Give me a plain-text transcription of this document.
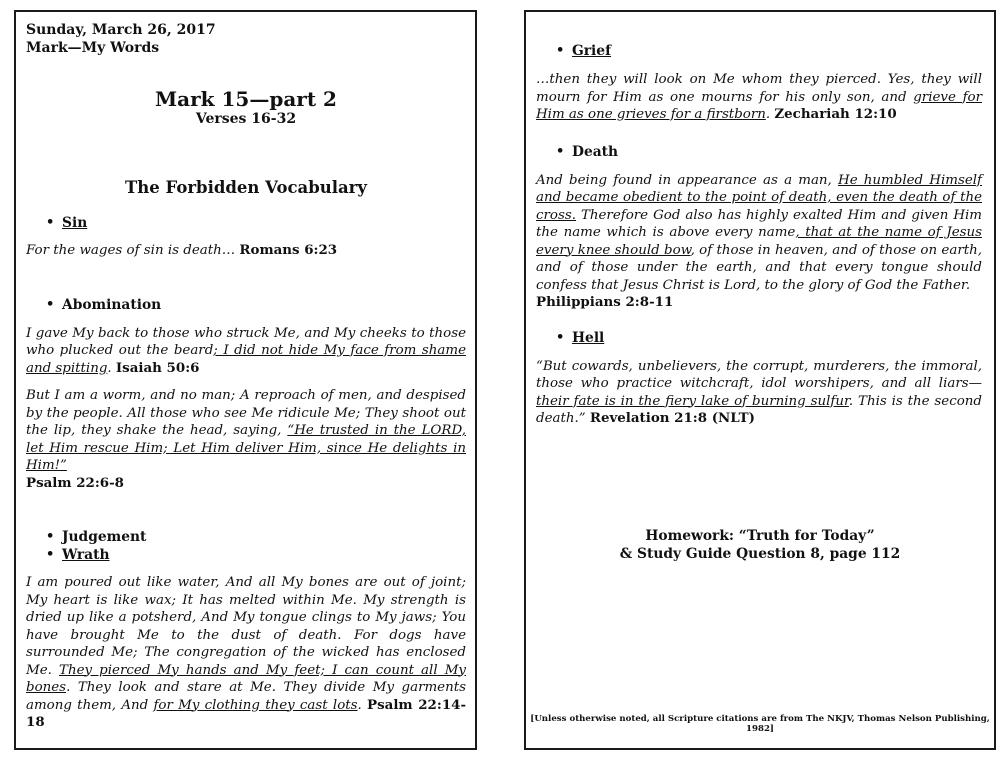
Sunday, March 26, 2017
Mark—My Words
Mark 15—part 2
Verses 16-32
The Forbidden Vocabulary
• Sin
For the wages of sin is death… Romans 6:23
• Abomination
I gave My back to those who struck Me, and My cheeks to those who plucked out the beard; I did not hide My face from shame and spitting. Isaiah 50:6
But I am a worm, and no man; A reproach of men, and despised by the people. All those who see Me ridicule Me; They shoot out the lip, they shake the head, saying, “He trusted in the LORD, let Him rescue Him; Let Him deliver Him, since He delights in Him!”
Psalm 22:6-8
• Judgement
• Wrath
I am poured out like water, And all My bones are out of joint; My heart is like wax; It has melted within Me. My strength is dried up like a potsherd, And My tongue clings to My jaws; You have brought Me to the dust of death. For dogs have surrounded Me; The congregation of the wicked has enclosed Me. They pierced My hands and My feet; I can count all My bones. They look and stare at Me. They divide My garments among them, And for My clothing they cast lots. Psalm 22:14-18
• Grief
…then they will look on Me whom they pierced. Yes, they will mourn for Him as one mourns for his only son, and grieve for Him as one grieves for a firstborn. Zechariah 12:10
• Death
And being found in appearance as a man, He humbled Himself and became obedient to the point of death, even the death of the cross. Therefore God also has highly exalted Him and given Him the name which is above every name, that at the name of Jesus every knee should bow, of those in heaven, and of those on earth, and of those under the earth, and that every tongue should confess that Jesus Christ is Lord, to the glory of God the Father.
Philippians 2:8-11
• Hell
“But cowards, unbelievers, the corrupt, murderers, the immoral, those who practice witchcraft, idol worshipers, and all liars—their fate is in the fiery lake of burning sulfur. This is the second death.” Revelation 21:8 (NLT)
Homework: “Truth for Today”
& Study Guide Question 8, page 112
[Unless otherwise noted, all Scripture citations are from The NKJV, Thomas Nelson Publishing, 1982]
